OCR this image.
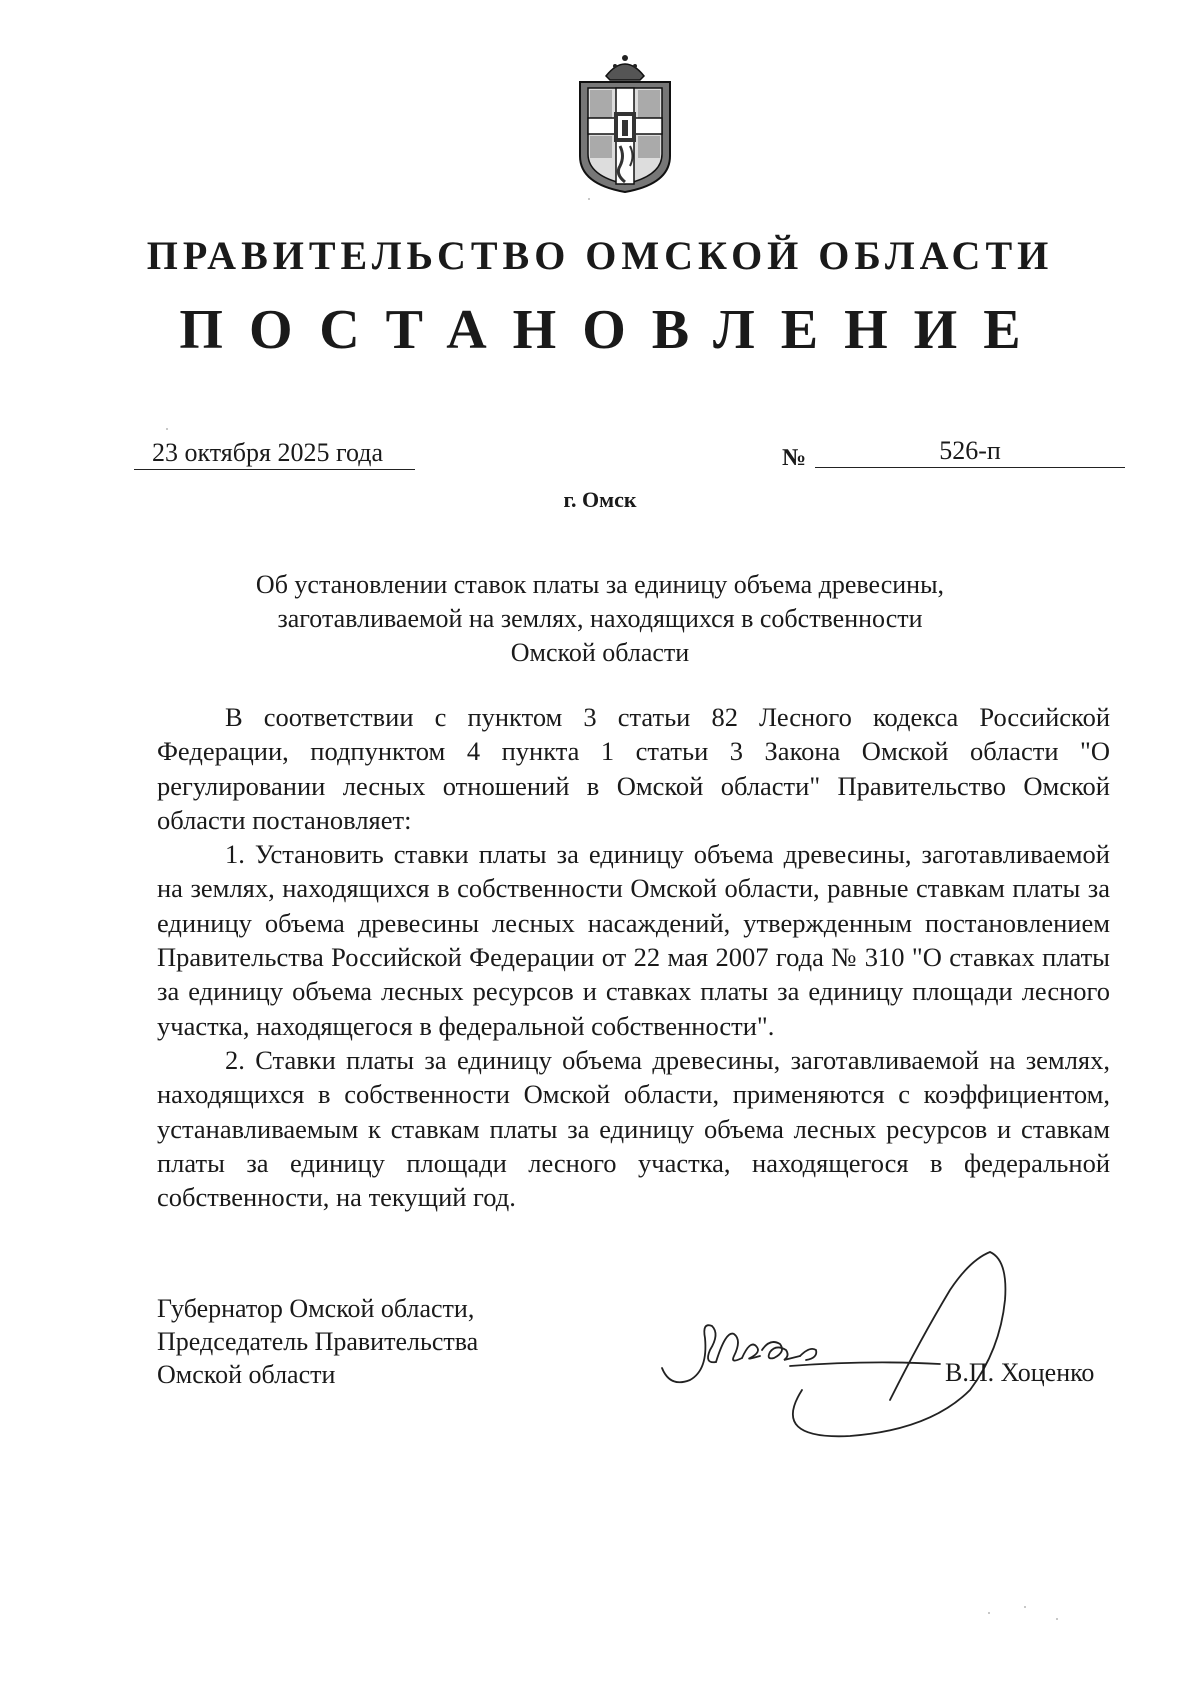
ПРАВИТЕЛЬСТВО ОМСКОЙ ОБЛАСТИ
ПОСТАНОВЛЕНИЕ
23 октября 2025 года	№	526-п
г. Омск
Об установлении ставок платы за единицу объема древесины,
заготавливаемой на землях, находящихся в собственности
Омской области

В соответствии с пунктом 3 статьи 82 Лесного кодекса Российской Федерации, подпунктом 4 пункта 1 статьи 3 Закона Омской области "О регулировании лесных отношений в Омской области" Правительство Омской области постановляет:

1. Установить ставки платы за единицу объема древесины, заготавливаемой на землях, находящихся в собственности Омской области, равные ставкам платы за единицу объема древесины лесных насаждений, утвержденным постановлением Правительства Российской Федерации от 22 мая 2007 года № 310 "О ставках платы за единицу объема лесных ресурсов и ставках платы за единицу площади лесного участка, находящегося в федеральной собственности".

2. Ставки платы за единицу объема древесины, заготавливаемой на землях, находящихся в собственности Омской области, применяются с коэффициентом, устанавливаемым к ставкам платы за единицу объема лесных ресурсов и ставкам платы за единицу площади лесного участка, находящегося в федеральной собственности, на текущий год.

Губернатор Омской области,
Председатель Правительства
Омской области	В.П. Хоценко
